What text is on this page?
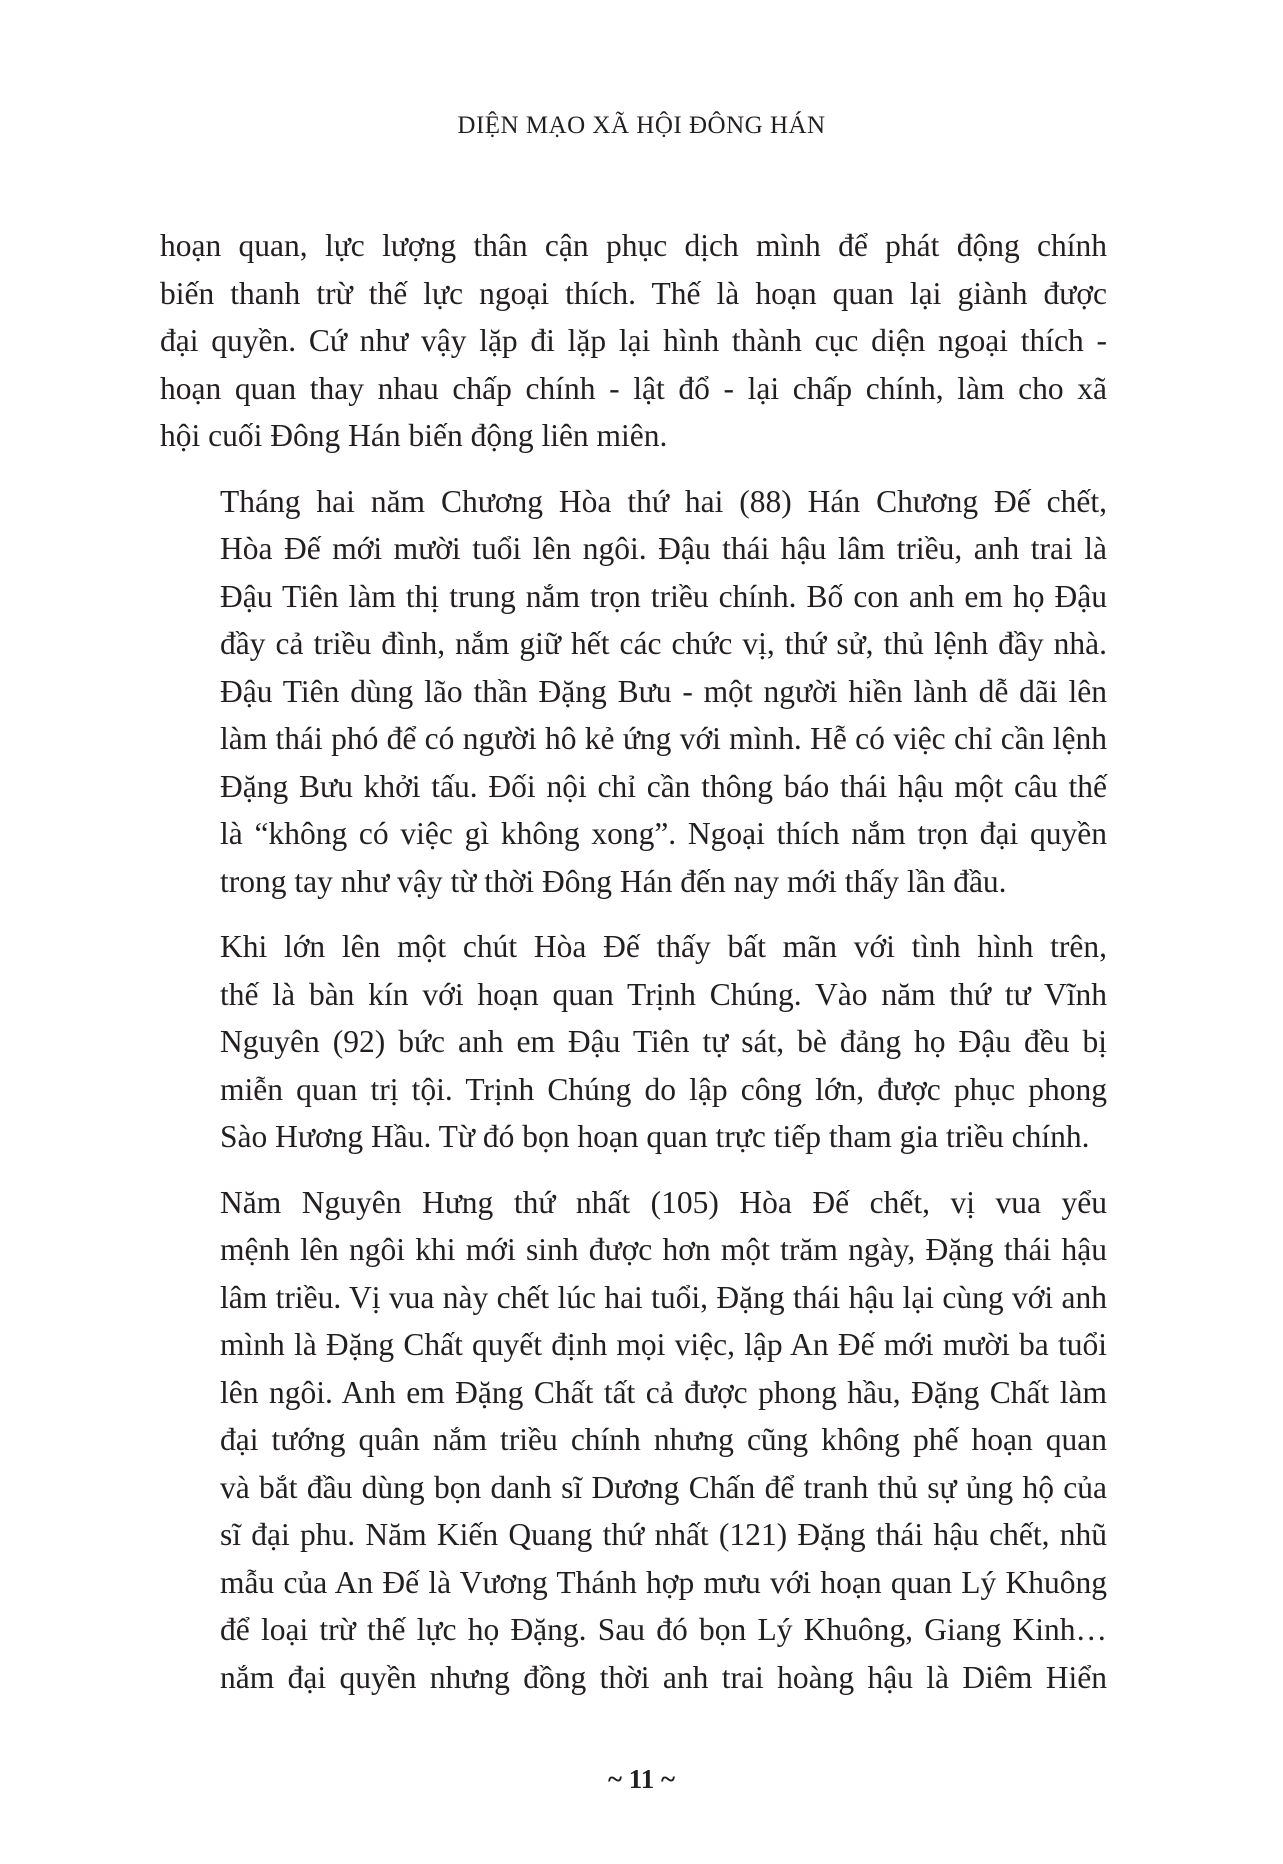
DIỆN MẠO XÃ HỘI ĐÔNG HÁN

hoạn quan, lực lượng thân cận phục dịch mình để phát động chính
biến thanh trừ thế lực ngoại thích. Thế là hoạn quan lại giành được
đại quyền. Cứ như vậy lặp đi lặp lại hình thành cục diện ngoại thích -
hoạn quan thay nhau chấp chính - lật đổ - lại chấp chính, làm cho xã
hội cuối Đông Hán biến động liên miên.

Tháng hai năm Chương Hòa thứ hai (88) Hán Chương Đế chết,
Hòa Đế mới mười tuổi lên ngôi. Đậu thái hậu lâm triều, anh trai là
Đậu Tiên làm thị trung nắm trọn triều chính. Bố con anh em họ Đậu
đầy cả triều đình, nắm giữ hết các chức vị, thứ sử, thủ lệnh đầy nhà.
Đậu Tiên dùng lão thần Đặng Bưu - một người hiền lành dễ dãi lên
làm thái phó để có người hô kẻ ứng với mình. Hễ có việc chỉ cần lệnh
Đặng Bưu khởi tấu. Đối nội chỉ cần thông báo thái hậu một câu thế
là “không có việc gì không xong”. Ngoại thích nắm trọn đại quyền
trong tay như vậy từ thời Đông Hán đến nay mới thấy lần đầu.

Khi lớn lên một chút Hòa Đế thấy bất mãn với tình hình trên,
thế là bàn kín với hoạn quan Trịnh Chúng. Vào năm thứ tư Vĩnh
Nguyên (92) bức anh em Đậu Tiên tự sát, bè đảng họ Đậu đều bị
miễn quan trị tội. Trịnh Chúng do lập công lớn, được phục phong
Sào Hương Hầu. Từ đó bọn hoạn quan trực tiếp tham gia triều chính.

Năm Nguyên Hưng thứ nhất (105) Hòa Đế chết, vị vua yểu
mệnh lên ngôi khi mới sinh được hơn một trăm ngày, Đặng thái hậu
lâm triều. Vị vua này chết lúc hai tuổi, Đặng thái hậu lại cùng với anh
mình là Đặng Chất quyết định mọi việc, lập An Đế mới mười ba tuổi
lên ngôi. Anh em Đặng Chất tất cả được phong hầu, Đặng Chất làm
đại tướng quân nắm triều chính nhưng cũng không phế hoạn quan
và bắt đầu dùng bọn danh sĩ Dương Chấn để tranh thủ sự ủng hộ của
sĩ đại phu. Năm Kiến Quang thứ nhất (121) Đặng thái hậu chết, nhũ
mẫu của An Đế là Vương Thánh hợp mưu với hoạn quan Lý Khuông
để loại trừ thế lực họ Đặng. Sau đó bọn Lý Khuông, Giang Kinh…
nắm đại quyền nhưng đồng thời anh trai hoàng hậu là Diêm Hiển

~ 11 ~
